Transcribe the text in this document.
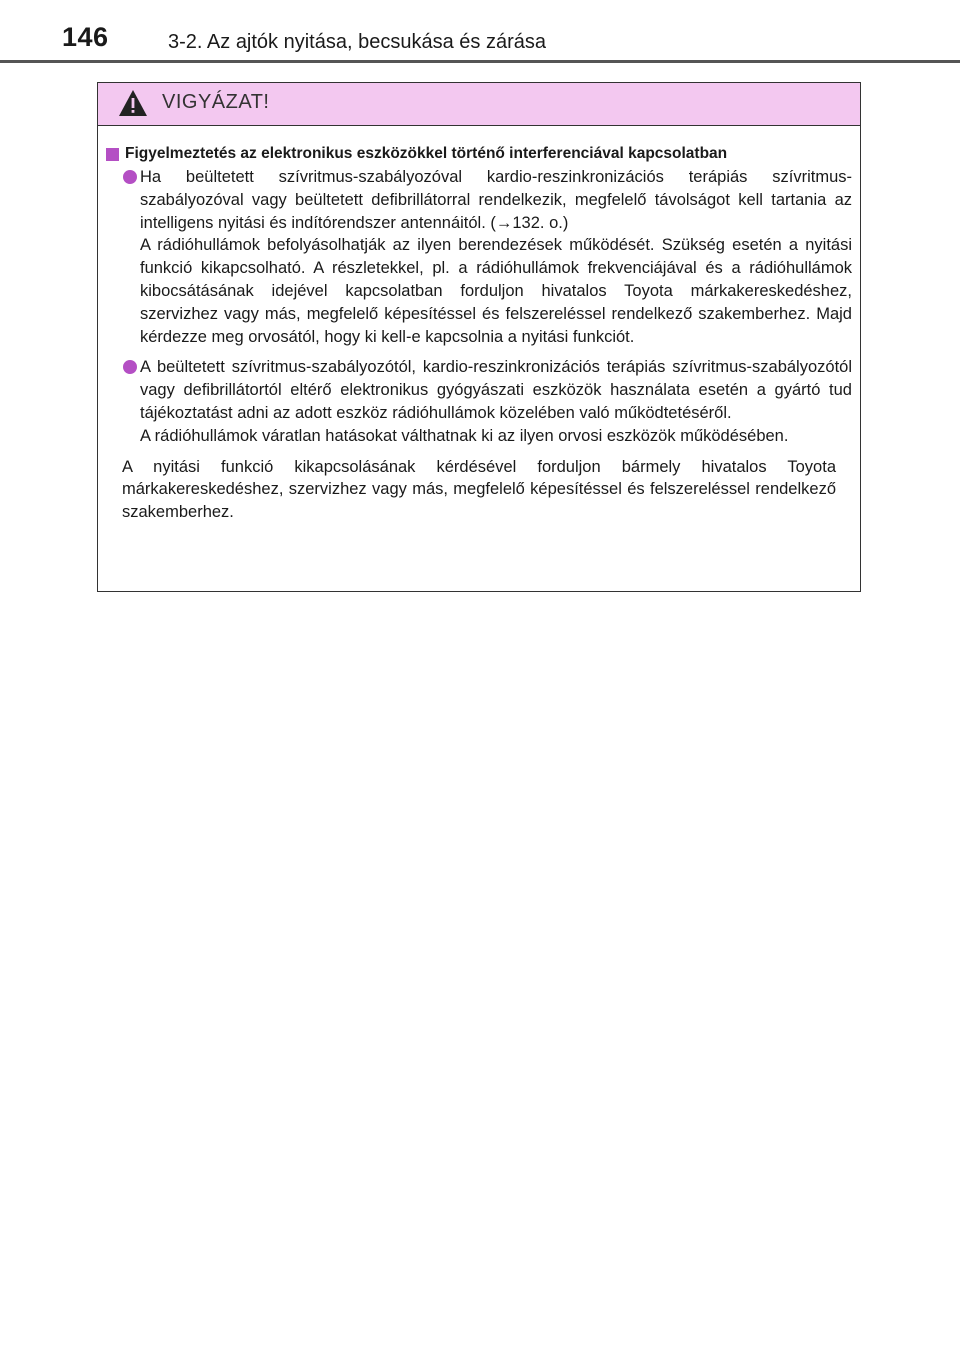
146	3-2. Az ajtók nyitása, becsukása és zárása
VIGYÁZAT!
Figyelmeztetés az elektronikus eszközökkel történő interferenciával kapcsolatban

Ha beültetett szívritmus-szabályozóval kardio-reszinkronizációs terápiás szívritmus-szabályozóval vagy beültetett defibrillátorral rendelkezik, megfelelő távolságot kell tartania az intelligens nyitási és indítórendszer antennáitól. (→132. o.)

A rádióhullámok befolyásolhatják az ilyen berendezések működését. Szükség esetén a nyitási funkció kikapcsolható. A részletekkel, pl. a rádióhullámok frekvenciájával és a rádióhullámok kibocsátásának idejével kapcsolatban forduljon hivatalos Toyota márkakereskedéshez, szervizhez vagy más, megfelelő képesítéssel és felszereléssel rendelkező szakemberhez. Majd kérdezze meg orvosától, hogy ki kell-e kapcsolnia a nyitási funkciót.

A beültetett szívritmus-szabályozótól, kardio-reszinkronizációs terápiás szívritmus-szabályozótól vagy defibrillátortól eltérő elektronikus gyógyászati eszközök használata esetén a gyártó tud tájékoztatást adni az adott eszköz rádióhullámok közelében való működtetéséről.

A rádióhullámok váratlan hatásokat válthatnak ki az ilyen orvosi eszközök működésében.

A nyitási funkció kikapcsolásának kérdésével forduljon bármely hivatalos Toyota márkakereskedéshez, szervizhez vagy más, megfelelő képesítéssel és felszereléssel rendelkező szakemberhez.
